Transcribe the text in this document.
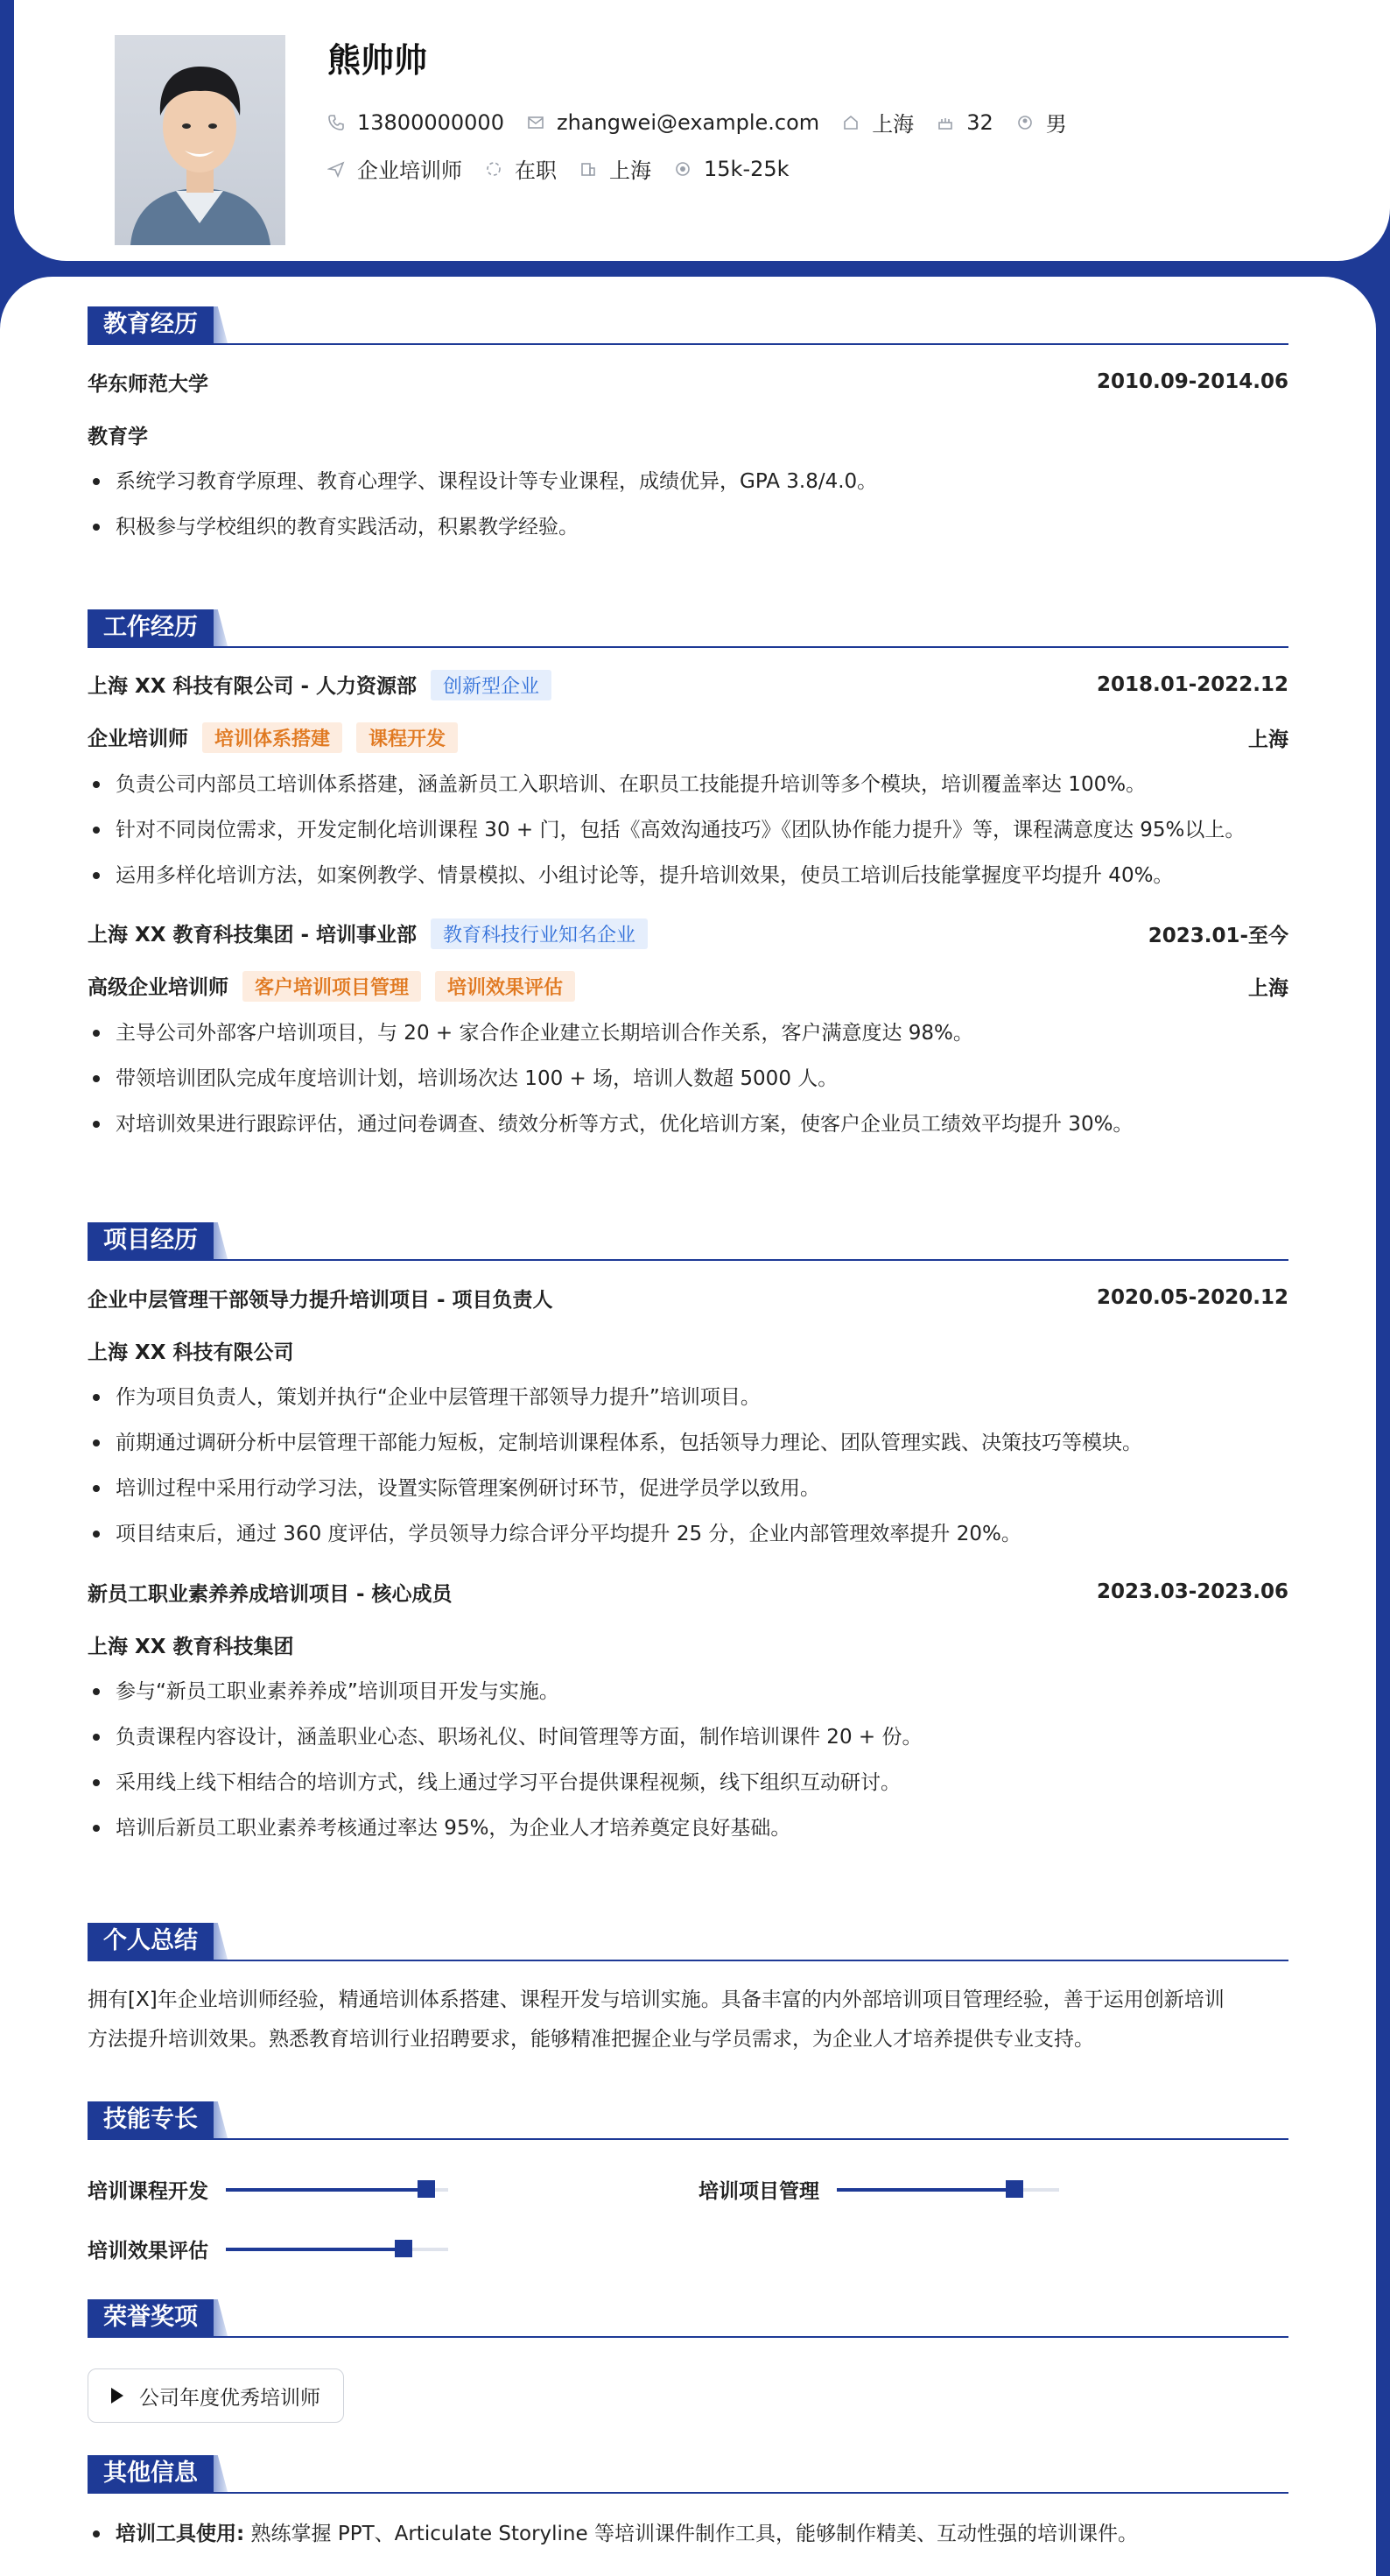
熊帅帅
13800000000	zhangwei@example.com	上海	32	男
企业培训师	在职	上海	15k-25k
教育经历
华东师范大学	2010.09-2014.06
教育学
系统学习教育学原理、教育心理学、课程设计等专业课程，成绩优异，GPA 3.8/4.0。
积极参与学校组织的教育实践活动，积累教学经验。
工作经历
上海 XX 科技有限公司 - 人力资源部 创新型企业	2018.01-2022.12
企业培训师 培训体系搭建 课程开发	上海
负责公司内部员工培训体系搭建，涵盖新员工入职培训、在职员工技能提升培训等多个模块，培训覆盖率达 100%。
针对不同岗位需求，开发定制化培训课程 30 + 门，包括《高效沟通技巧》《团队协作能力提升》等，课程满意度达 95%以上。
运用多样化培训方法，如案例教学、情景模拟、小组讨论等，提升培训效果，使员工培训后技能掌握度平均提升 40%。
上海 XX 教育科技集团 - 培训事业部 教育科技行业知名企业	2023.01-至今
高级企业培训师 客户培训项目管理 培训效果评估	上海
主导公司外部客户培训项目，与 20 + 家合作企业建立长期培训合作关系，客户满意度达 98%。
带领培训团队完成年度培训计划，培训场次达 100 + 场，培训人数超 5000 人。
对培训效果进行跟踪评估，通过问卷调查、绩效分析等方式，优化培训方案，使客户企业员工绩效平均提升 30%。
项目经历
企业中层管理干部领导力提升培训项目 - 项目负责人	2020.05-2020.12
上海 XX 科技有限公司
作为项目负责人，策划并执行“企业中层管理干部领导力提升”培训项目。
前期通过调研分析中层管理干部能力短板，定制培训课程体系，包括领导力理论、团队管理实践、决策技巧等模块。
培训过程中采用行动学习法，设置实际管理案例研讨环节，促进学员学以致用。
项目结束后，通过 360 度评估，学员领导力综合评分平均提升 25 分，企业内部管理效率提升 20%。
新员工职业素养养成培训项目 - 核心成员	2023.03-2023.06
上海 XX 教育科技集团
参与“新员工职业素养养成”培训项目开发与实施。
负责课程内容设计，涵盖职业心态、职场礼仪、时间管理等方面，制作培训课件 20 + 份。
采用线上线下相结合的培训方式，线上通过学习平台提供课程视频，线下组织互动研讨。
培训后新员工职业素养考核通过率达 95%，为企业人才培养奠定良好基础。
个人总结
拥有[X]年企业培训师经验，精通培训体系搭建、课程开发与培训实施。具备丰富的内外部培训项目管理经验，善于运用创新培训
方法提升培训效果。熟悉教育培训行业招聘要求，能够精准把握企业与学员需求，为企业人才培养提供专业支持。
技能专长
培训课程开发	培训项目管理
培训效果评估
荣誉奖项
公司年度优秀培训师
其他信息
培训工具使用: 熟练掌握 PPT、Articulate Storyline 等培训课件制作工具，能够制作精美、互动性强的培训课件。
